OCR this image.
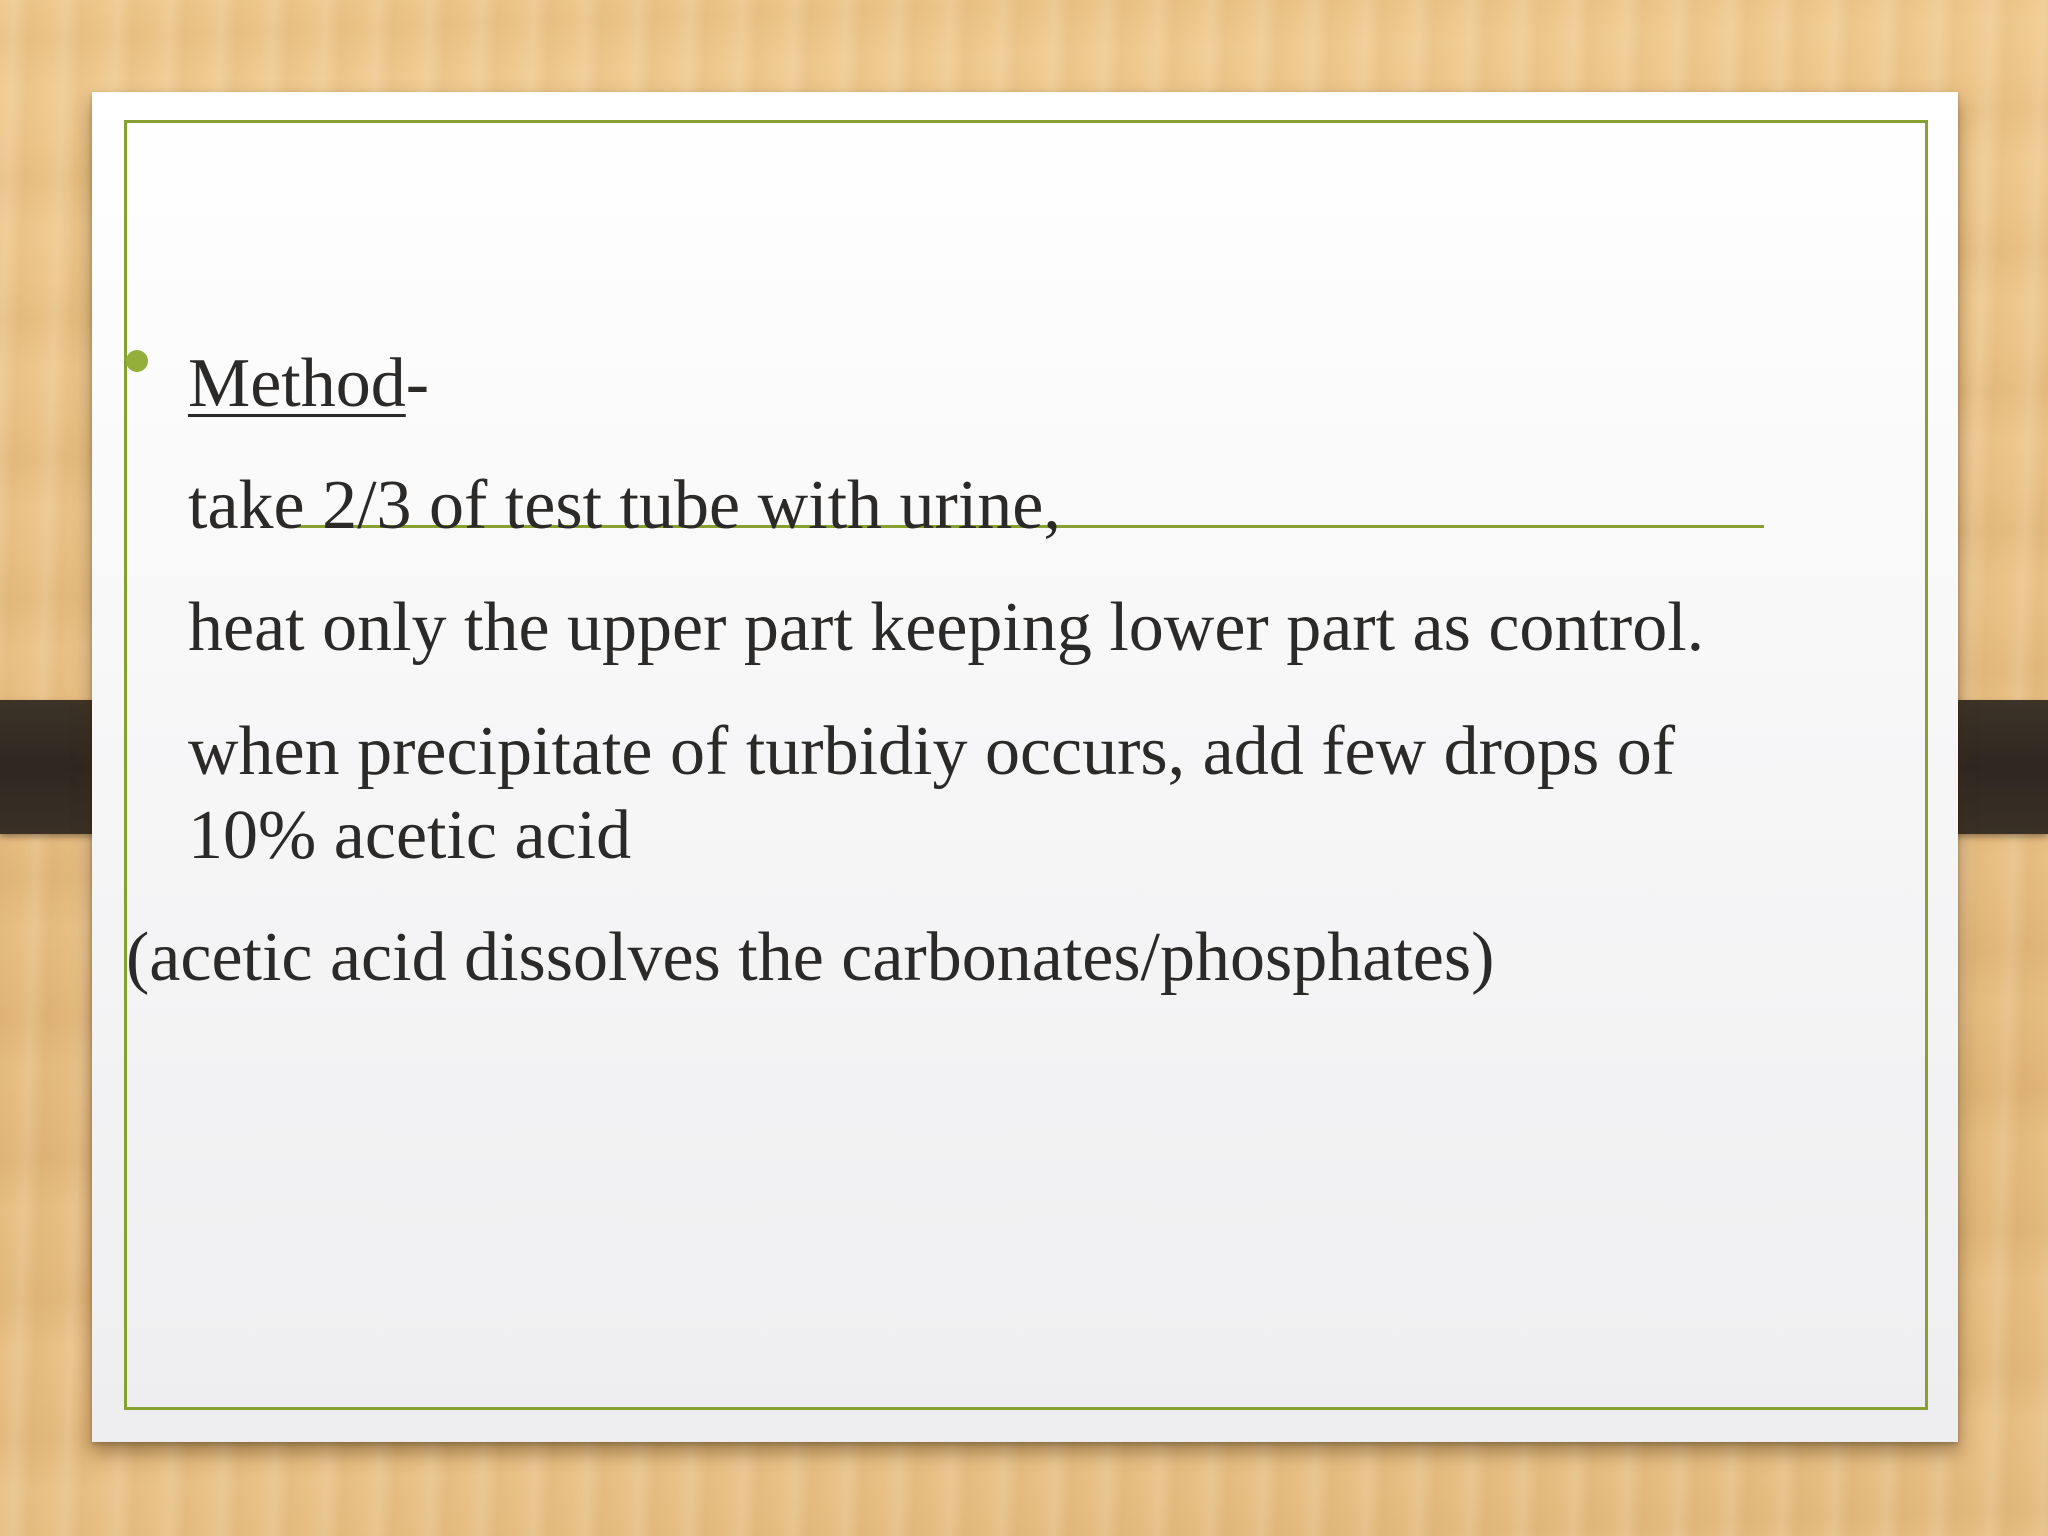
Method-
take 2/3 of test tube with urine,
heat only the upper part keeping lower part as control.
when precipitate of turbidiy occurs, add few drops of
10% acetic acid
(acetic acid dissolves the carbonates/phosphates)
